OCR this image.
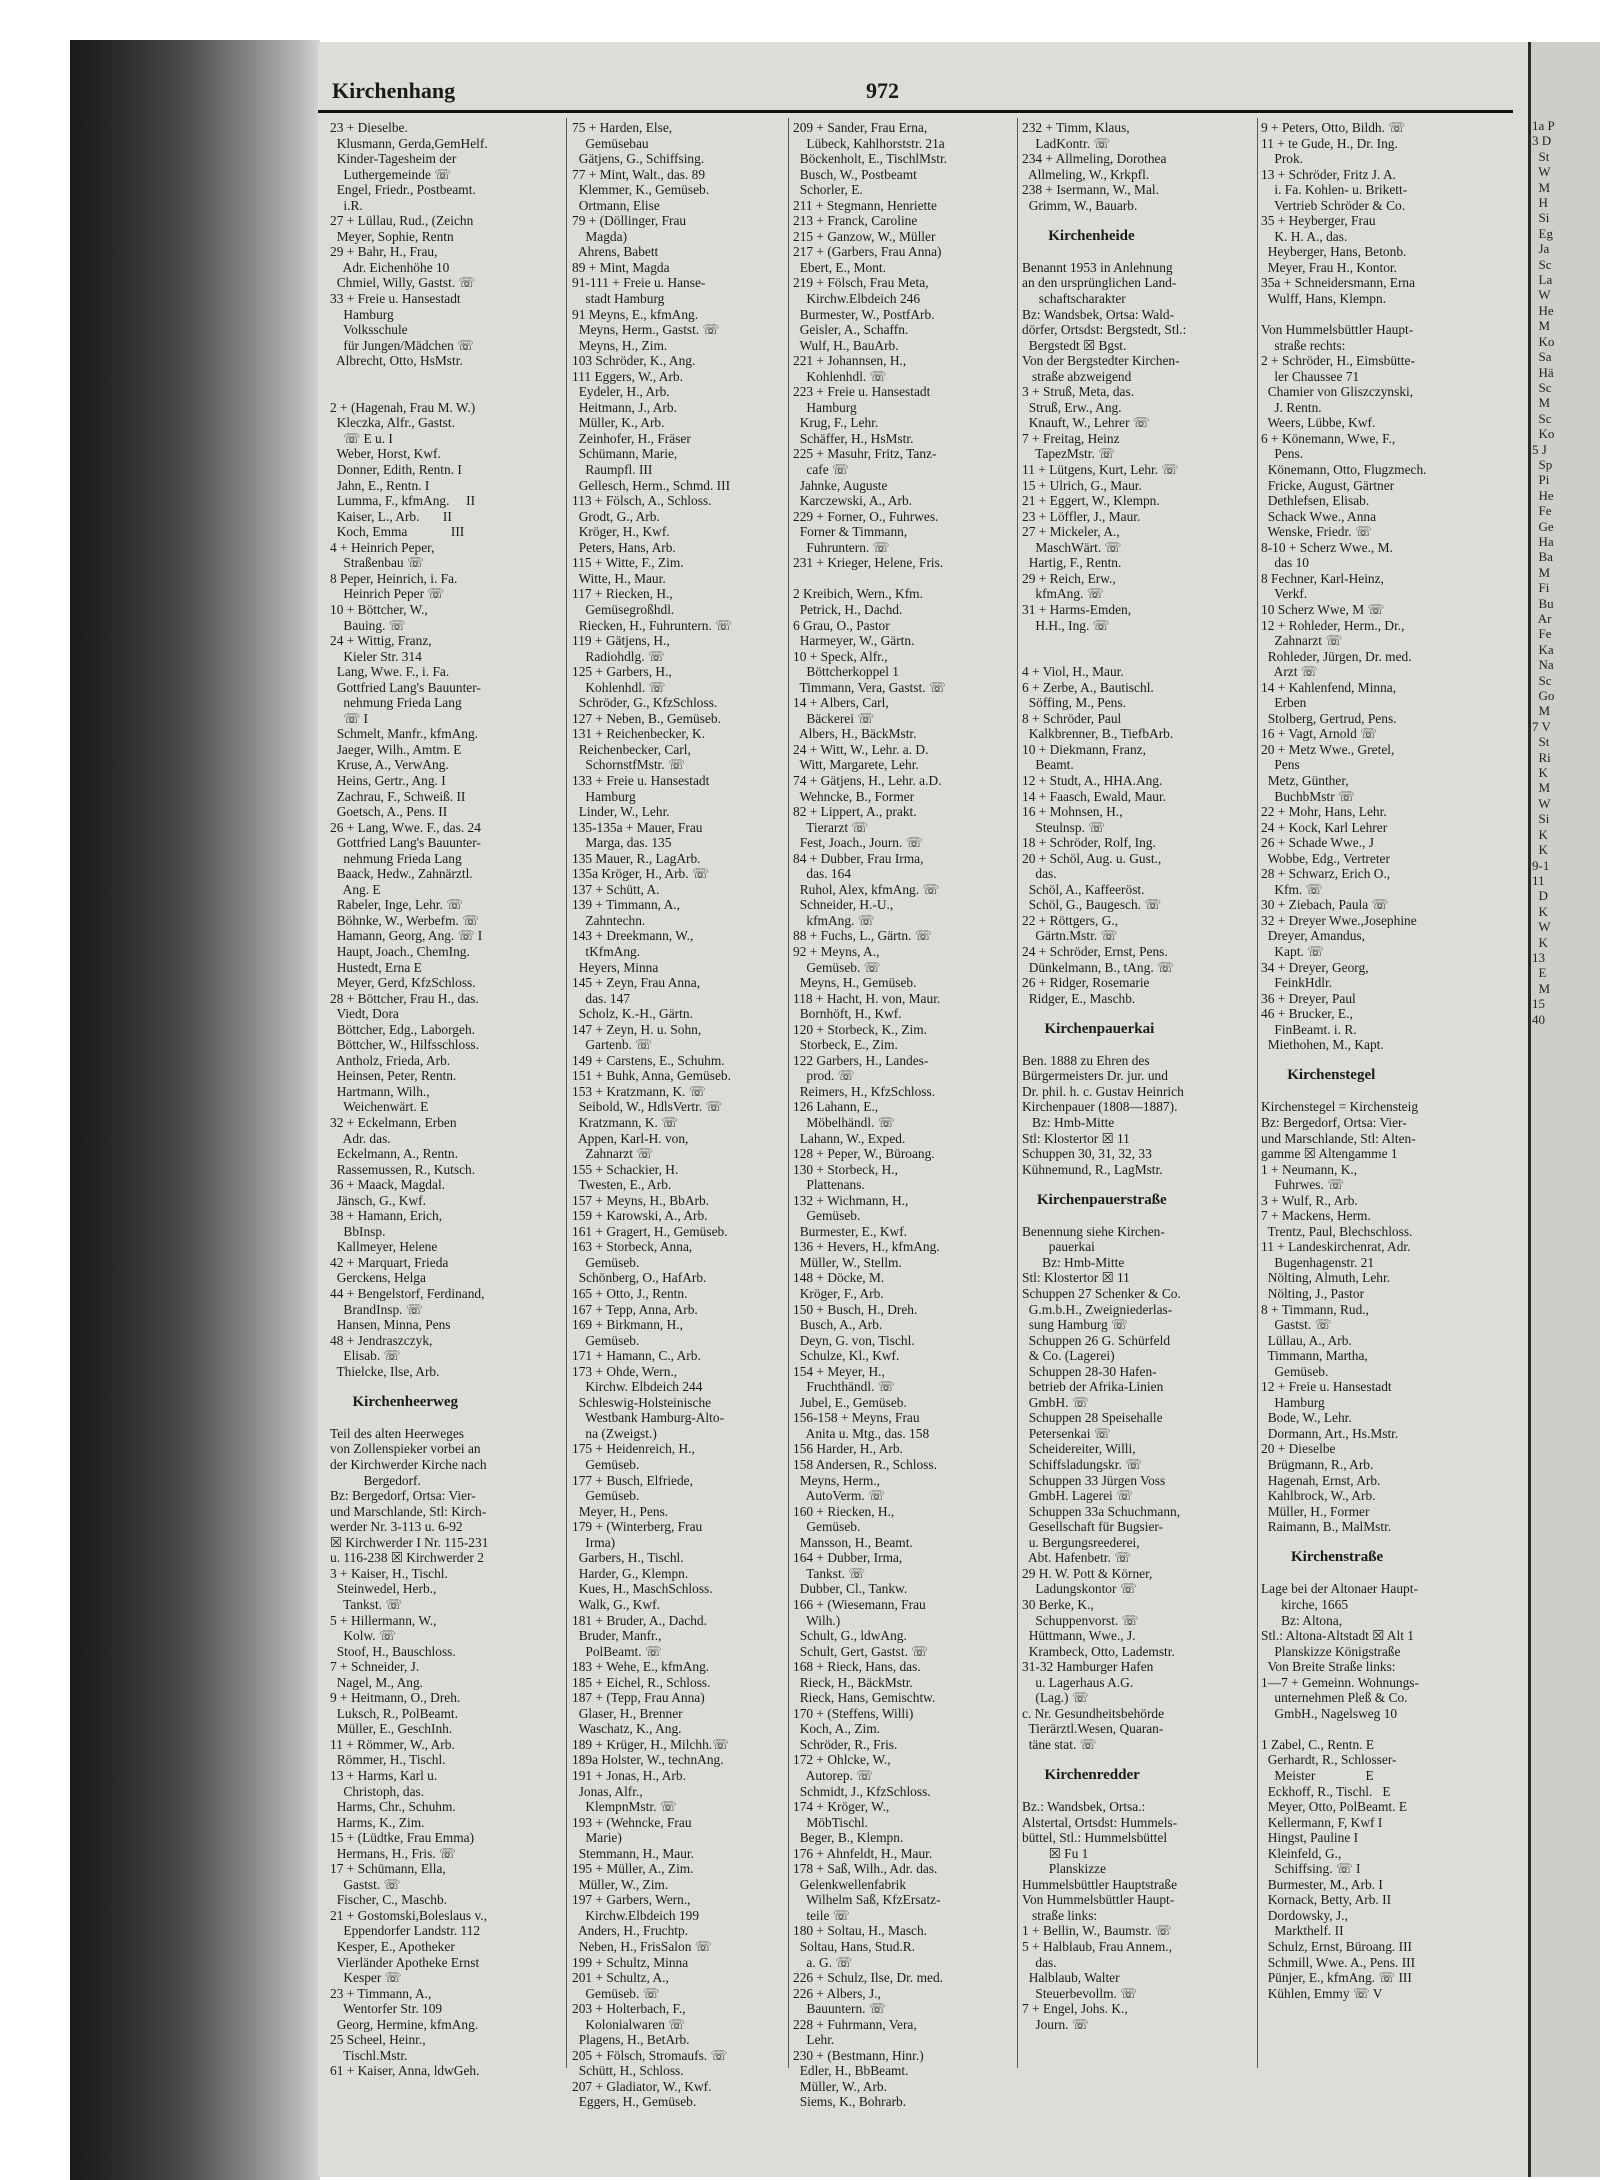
Kirchenhang	972
23 + Dieselbe.
Klusmann, Gerda,GemHelf.
Kinder-Tagesheim der
Luthergemeinde ☏
Engel, Friedr., Postbeamt.
i.R.
27 + Lüllau, Rud., (Zeichn
Meyer, Sophie, Rentn
29 + Bahr, H., Frau,
Adr. Eichenhöhe 10
Chmiel, Willy, Gastst. ☏
33 + Freie u. Hansestadt
Hamburg
Volksschule
für Jungen/Mädchen ☏
Albrecht, Otto, HsMstr.
2 + (Hagenah, Frau M. W.)
Kleczka, Alfr., Gastst.
☏ E u. I
Weber, Horst, Kwf.
Donner, Edith, Rentn. I
Jahn, E., Rentn. I
Lumma, F., kfmAng.     II
Kaiser, L., Arb.       II
Koch, Emma             III
4 + Heinrich Peper,
Straßenbau ☏
8 Peper, Heinrich, i. Fa.
Heinrich Peper ☏
10 + Böttcher, W.,
Bauing. ☏
24 + Wittig, Franz,
Kieler Str. 314
Lang, Wwe. F., i. Fa.
Gottfried Lang's Bauunter-
nehmung Frieda Lang
☏ I
Schmelt, Manfr., kfmAng.
Jaeger, Wilh., Amtm. E
Kruse, A., VerwAng.
Heins, Gertr., Ang. I
Zachrau, F., Schweiß. II
Goetsch, A., Pens. II
26 + Lang, Wwe. F., das. 24
Gottfried Lang's Bauunter-
nehmung Frieda Lang
Baack, Hedw., Zahnärztl.
Ang. E
Rabeler, Inge, Lehr. ☏
Böhnke, W., Werbefm. ☏
Hamann, Georg, Ang. ☏ I
Haupt, Joach., ChemIng.
Hustedt, Erna E
Meyer, Gerd, KfzSchloss.
28 + Böttcher, Frau H., das.
Viedt, Dora
Böttcher, Edg., Laborgeh.
Böttcher, W., Hilfsschloss.
Antholz, Frieda, Arb.
Heinsen, Peter, Rentn.
Hartmann, Wilh.,
Weichenwärt. E
32 + Eckelmann, Erben
Adr. das.
Eckelmann, A., Rentn.
Rassemussen, R., Kutsch.
36 + Maack, Magdal.
Jänsch, G., Kwf.
38 + Hamann, Erich,
BbInsp.
Kallmeyer, Helene
42 + Marquart, Frieda
Gerckens, Helga
44 + Bengelstorf, Ferdinand,
BrandInsp. ☏
Hansen, Minna, Pens
48 + Jendraszczyk,
Elisab. ☏
Thielcke, Ilse, Arb.
Kirchenheerweg
Teil des alten Heerweges
von Zollenspieker vorbei an
der Kirchwerder Kirche nach
Bergedorf.
Bz: Bergedorf, Ortsa: Vier-
und Marschlande, Stl: Kirch-
werder Nr. 3-113 u. 6-92
☒ Kirchwerder I Nr. 115-231
u. 116-238 ☒ Kirchwerder 2
3 + Kaiser, H., Tischl.
Steinwedel, Herb.,
Tankst. ☏
5 + Hillermann, W.,
Kolw. ☏
Stoof, H., Bauschloss.
7 + Schneider, J.
Nagel, M., Ang.
9 + Heitmann, O., Dreh.
Luksch, R., PolBeamt.
Müller, E., GeschInh.
11 + Römmer, W., Arb.
Römmer, H., Tischl.
13 + Harms, Karl u.
Christoph, das.
Harms, Chr., Schuhm.
Harms, K., Zim.
15 + (Lüdtke, Frau Emma)
Hermans, H., Fris. ☏
17 + Schümann, Ella,
Gastst. ☏
Fischer, C., Maschb.
21 + Gostomski,Boleslaus v.,
Eppendorfer Landstr. 112
Kesper, E., Apotheker
Vierländer Apotheke Ernst
Kesper ☏
23 + Timmann, A.,
Wentorfer Str. 109
Georg, Hermine, kfmAng.
25 Scheel, Heinr.,
Tischl.Mstr.
61 + Kaiser, Anna, ldwGeh.
75 + Harden, Else,
Gemüsebau
Gätjens, G., Schiffsing.
77 + Mint, Walt., das. 89
Klemmer, K., Gemüseb.
Ortmann, Elise
79 + (Döllinger, Frau
Magda)
Ahrens, Babett
89 + Mint, Magda
91-111 + Freie u. Hanse-
stadt Hamburg
91 Meyns, E., kfmAng.
Meyns, Herm., Gastst. ☏
Meyns, H., Zim.
103 Schröder, K., Ang.
111 Eggers, W., Arb.
Eydeler, H., Arb.
Heitmann, J., Arb.
Müller, K., Arb.
Zeinhofer, H., Fräser
Schümann, Marie,
Raumpfl. III
Gellesch, Herm., Schmd. III
113 + Fölsch, A., Schloss.
Grodt, G., Arb.
Kröger, H., Kwf.
Peters, Hans, Arb.
115 + Witte, F., Zim.
Witte, H., Maur.
117 + Riecken, H.,
Gemüsegroßhdl.
Riecken, H., Fuhruntern. ☏
119 + Gätjens, H.,
Radiohdlg. ☏
125 + Garbers, H.,
Kohlenhdl. ☏
Schröder, G., KfzSchloss.
127 + Neben, B., Gemüseb.
131 + Reichenbecker, K.
Reichenbecker, Carl,
SchornstfMstr. ☏
133 + Freie u. Hansestadt
Hamburg
Linder, W., Lehr.
135-135a + Mauer, Frau
Marga, das. 135
135 Mauer, R., LagArb.
135a Kröger, H., Arb. ☏
137 + Schütt, A.
139 + Timmann, A.,
Zahntechn.
143 + Dreekmann, W.,
tKfmAng.
Heyers, Minna
145 + Zeyn, Frau Anna,
das. 147
Scholz, K.-H., Gärtn.
147 + Zeyn, H. u. Sohn,
Gartenb. ☏
149 + Carstens, E., Schuhm.
151 + Buhk, Anna, Gemüseb.
153 + Kratzmann, K. ☏
Seibold, W., HdlsVertr. ☏
Kratzmann, K. ☏
Appen, Karl-H. von,
Zahnarzt ☏
155 + Schackier, H.
Twesten, E., Arb.
157 + Meyns, H., BbArb.
159 + Karowski, A., Arb.
161 + Gragert, H., Gemüseb.
163 + Storbeck, Anna,
Gemüseb.
Schönberg, O., HafArb.
165 + Otto, J., Rentn.
167 + Tepp, Anna, Arb.
169 + Birkmann, H.,
Gemüseb.
171 + Hamann, C., Arb.
173 + Ohde, Wern.,
Kirchw. Elbdeich 244
Schleswig-Holsteinische
Westbank Hamburg-Alto-
na (Zweigst.)
175 + Heidenreich, H.,
Gemüseb.
177 + Busch, Elfriede,
Gemüseb.
Meyer, H., Pens.
179 + (Winterberg, Frau
Irma)
Garbers, H., Tischl.
Harder, G., Klempn.
Kues, H., MaschSchloss.
Walk, G., Kwf.
181 + Bruder, A., Dachd.
Bruder, Manfr.,
PolBeamt. ☏
183 + Wehe, E., kfmAng.
185 + Eichel, R., Schloss.
187 + (Tepp, Frau Anna)
Glaser, H., Brenner
Waschatz, K., Ang.
189 + Krüger, H., Milchh.☏
189a Holster, W., technAng.
191 + Jonas, H., Arb.
Jonas, Alfr.,
KlempnMstr. ☏
193 + (Wehncke, Frau
Marie)
Stemmann, H., Maur.
195 + Müller, A., Zim.
Müller, W., Zim.
197 + Garbers, Wern.,
Kirchw.Elbdeich 199
Anders, H., Fruchtp.
Neben, H., FrisSalon ☏
199 + Schultz, Minna
201 + Schultz, A.,
Gemüseb. ☏
203 + Holterbach, F.,
Kolonialwaren ☏
Plagens, H., BetArb.
205 + Fölsch, Stromaufs. ☏
Schütt, H., Schloss.
207 + Gladiator, W., Kwf.
Eggers, H., Gemüseb.
209 + Sander, Frau Erna,
Lübeck, Kahlhorststr. 21a
Böckenholt, E., TischlMstr.
Busch, W., Postbeamt
Schorler, E.
211 + Stegmann, Henriette
213 + Franck, Caroline
215 + Ganzow, W., Müller
217 + (Garbers, Frau Anna)
Ebert, E., Mont.
219 + Fölsch, Frau Meta,
Kirchw.Elbdeich 246
Burmester, W., PostfArb.
Geisler, A., Schaffn.
Wulf, H., BauArb.
221 + Johannsen, H.,
Kohlenhdl. ☏
223 + Freie u. Hansestadt
Hamburg
Krug, F., Lehr.
Schäffer, H., HsMstr.
225 + Masuhr, Fritz, Tanz-
cafe ☏
Jahnke, Auguste
Karczewski, A., Arb.
229 + Forner, O., Fuhrwes.
Forner & Timmann,
Fuhruntern. ☏
231 + Krieger, Helene, Fris.
2 Kreibich, Wern., Kfm.
Petrick, H., Dachd.
6 Grau, O., Pastor
Harmeyer, W., Gärtn.
10 + Speck, Alfr.,
Böttcherkoppel 1
Timmann, Vera, Gastst. ☏
14 + Albers, Carl,
Bäckerei ☏
Albers, H., BäckMstr.
24 + Witt, W., Lehr. a. D.
Witt, Margarete, Lehr.
74 + Gätjens, H., Lehr. a.D.
Wehncke, B., Former
82 + Lippert, A., prakt.
Tierarzt ☏
Fest, Joach., Journ. ☏
84 + Dubber, Frau Irma,
das. 164
Ruhol, Alex, kfmAng. ☏
Schneider, H.-U.,
kfmAng. ☏
88 + Fuchs, L., Gärtn. ☏
92 + Meyns, A.,
Gemüseb. ☏
Meyns, H., Gemüseb.
118 + Hacht, H. von, Maur.
Bornhöft, H., Kwf.
120 + Storbeck, K., Zim.
Storbeck, E., Zim.
122 Garbers, H., Landes-
prod. ☏
Reimers, H., KfzSchloss.
126 Lahann, E.,
Möbelhändl. ☏
Lahann, W., Exped.
128 + Peper, W., Büroang.
130 + Storbeck, H.,
Plattenans.
132 + Wichmann, H.,
Gemüseb.
Burmester, E., Kwf.
136 + Hevers, H., kfmAng.
Müller, W., Stellm.
148 + Döcke, M.
Kröger, F., Arb.
150 + Busch, H., Dreh.
Busch, A., Arb.
Deyn, G. von, Tischl.
Schulze, Kl., Kwf.
154 + Meyer, H.,
Fruchthändl. ☏
Jubel, E., Gemüseb.
156-158 + Meyns, Frau
Anita u. Mtg., das. 158
156 Harder, H., Arb.
158 Andersen, R., Schloss.
Meyns, Herm.,
AutoVerm. ☏
160 + Riecken, H.,
Gemüseb.
Mansson, H., Beamt.
164 + Dubber, Irma,
Tankst. ☏
Dubber, Cl., Tankw.
166 + (Wiesemann, Frau
Wilh.)
Schult, G., ldwAng.
Schult, Gert, Gastst. ☏
168 + Rieck, Hans, das.
Rieck, H., BäckMstr.
Rieck, Hans, Gemischtw.
170 + (Steffens, Willi)
Koch, A., Zim.
Schröder, R., Fris.
172 + Ohlcke, W.,
Autorep. ☏
Schmidt, J., KfzSchloss.
174 + Kröger, W.,
MöbTischl.
Beger, B., Klempn.
176 + Ahnfeldt, H., Maur.
178 + Saß, Wilh., Adr. das.
Gelenkwellenfabrik
Wilhelm Saß, KfzErsatz-
teile ☏
180 + Soltau, H., Masch.
Soltau, Hans, Stud.R.
a. G. ☏
226 + Schulz, Ilse, Dr. med.
226 + Albers, J.,
Bauuntern. ☏
228 + Fuhrmann, Vera,
Lehr.
230 + (Bestmann, Hinr.)
Edler, H., BbBeamt.
Müller, W., Arb.
Siems, K., Bohrarb.
232 + Timm, Klaus,
LadKontr. ☏
234 + Allmeling, Dorothea
Allmeling, W., Krkpfl.
238 + Isermann, W., Mal.
Grimm, W., Bauarb.
Kirchenheide
Benannt 1953 in Anlehnung
an den ursprünglichen Land-
schaftscharakter
Bz: Wandsbek, Ortsa: Wald-
dörfer, Ortsdst: Bergstedt, Stl.:
Bergstedt ☒ Bgst.
Von der Bergstedter Kirchen-
straße abzweigend
3 + Struß, Meta, das.
Struß, Erw., Ang.
Knauft, W., Lehrer ☏
7 + Freitag, Heinz
TapezMstr. ☏
11 + Lütgens, Kurt, Lehr. ☏
15 + Ulrich, G., Maur.
21 + Eggert, W., Klempn.
23 + Löffler, J., Maur.
27 + Mickeler, A.,
MaschWärt. ☏
Hartig, F., Rentn.
29 + Reich, Erw.,
kfmAng. ☏
31 + Harms-Emden,
H.H., Ing. ☏
4 + Viol, H., Maur.
6 + Zerbe, A., Bautischl.
Söffing, M., Pens.
8 + Schröder, Paul
Kalkbrenner, B., TiefbArb.
10 + Diekmann, Franz,
Beamt.
12 + Studt, A., HHA.Ang.
14 + Faasch, Ewald, Maur.
16 + Mohnsen, H.,
Steulnsp. ☏
18 + Schröder, Rolf, Ing.
20 + Schöl, Aug. u. Gust.,
das.
Schöl, A., Kaffeeröst.
Schöl, G., Baugesch. ☏
22 + Röttgers, G.,
Gärtn.Mstr. ☏
24 + Schröder, Ernst, Pens.
Dünkelmann, B., tAng. ☏
26 + Ridger, Rosemarie
Ridger, E., Maschb.
Kirchenpauerkai
Ben. 1888 zu Ehren des
Bürgermeisters Dr. jur. und
Dr. phil. h. c. Gustav Heinrich
Kirchenpauer (1808—1887).
Bz: Hmb-Mitte
Stl: Klostertor ☒ 11
Schuppen 30, 31, 32, 33
Kühnemund, R., LagMstr.
Kirchenpauerstraße
Benennung siehe Kirchen-
pauerkai
Bz: Hmb-Mitte
Stl: Klostertor ☒ 11
Schuppen 27 Schenker & Co.
G.m.b.H., Zweigniederlas-
sung Hamburg ☏
Schuppen 26 G. Schürfeld
& Co. (Lagerei)
Schuppen 28-30 Hafen-
betrieb der Afrika-Linien
GmbH. ☏
Schuppen 28 Speisehalle
Petersenkai ☏
Scheidereiter, Willi,
Schiffsladungskr. ☏
Schuppen 33 Jürgen Voss
GmbH. Lagerei ☏
Schuppen 33a Schuchmann,
Gesellschaft für Bugsier-
u. Bergungsreederei,
Abt. Hafenbetr. ☏
29 H. W. Pott & Körner,
Ladungskontor ☏
30 Berke, K.,
Schuppenvorst. ☏
Hüttmann, Wwe., J.
Krambeck, Otto, Lademstr.
31-32 Hamburger Hafen
u. Lagerhaus A.G.
(Lag.) ☏
c. Nr. Gesundheitsbehörde
Tierärztl.Wesen, Quaran-
täne stat. ☏
Kirchenredder
Bz.: Wandsbek, Ortsa.:
Alstertal, Ortsdst: Hummels-
büttel, Stl.: Hummelsbüttel
☒ Fu 1
Planskizze
Hummelsbüttler Hauptstraße
Von Hummelsbüttler Haupt-
straße links:
1 + Bellin, W., Baumstr. ☏
5 + Halblaub, Frau Annem.,
das.
Halblaub, Walter
Steuerbevollm. ☏
7 + Engel, Johs. K.,
Journ. ☏
9 + Peters, Otto, Bildh. ☏
11 + te Gude, H., Dr. Ing.
Prok.
13 + Schröder, Fritz J. A.
i. Fa. Kohlen- u. Brikett-
Vertrieb Schröder & Co.
35 + Heyberger, Frau
K. H. A., das.
Heyberger, Hans, Betonb.
Meyer, Frau H., Kontor.
35a + Schneidersmann, Erna
Wulff, Hans, Klempn.
Von Hummelsbüttler Haupt-
straße rechts:
2 + Schröder, H., Eimsbütte-
ler Chaussee 71
Chamier von Gliszczynski,
J. Rentn.
Weers, Lübbe, Kwf.
6 + Könemann, Wwe, F.,
Pens.
Könemann, Otto, Flugzmech.
Fricke, August, Gärtner
Dethlefsen, Elisab.
Schack Wwe., Anna
Wenske, Friedr. ☏
8-10 + Scherz Wwe., M.
das 10
8 Fechner, Karl-Heinz,
Verkf.
10 Scherz Wwe, M ☏
12 + Rohleder, Herm., Dr.,
Zahnarzt ☏
Rohleder, Jürgen, Dr. med.
Arzt ☏
14 + Kahlenfend, Minna,
Erben
Stolberg, Gertrud, Pens.
16 + Vagt, Arnold ☏
20 + Metz Wwe., Gretel,
Pens
Metz, Günther,
BuchbMstr ☏
22 + Mohr, Hans, Lehr.
24 + Kock, Karl Lehrer
26 + Schade Wwe., J
Wobbe, Edg., Vertreter
28 + Schwarz, Erich O.,
Kfm. ☏
30 + Ziebach, Paula ☏
32 + Dreyer Wwe.,Josephine
Dreyer, Amandus,
Kapt. ☏
34 + Dreyer, Georg,
FeinkHdlr.
36 + Dreyer, Paul
46 + Brucker, E.,
FinBeamt. i. R.
Miethohen, M., Kapt.
Kirchenstegel
Kirchenstegel = Kirchensteig
Bz: Bergedorf, Ortsa: Vier-
und Marschlande, Stl: Alten-
gamme ☒ Altengamme 1
1 + Neumann, K.,
Fuhrwes. ☏
3 + Wulf, R., Arb.
7 + Mackens, Herm.
Trentz, Paul, Blechschloss.
11 + Landeskirchenrat, Adr.
Bugenhagenstr. 21
Nölting, Almuth, Lehr.
Nölting, J., Pastor
8 + Timmann, Rud.,
Gastst. ☏
Lüllau, A., Arb.
Timmann, Martha,
Gemüseb.
12 + Freie u. Hansestadt
Hamburg
Bode, W., Lehr.
Dormann, Art., Hs.Mstr.
20 + Dieselbe
Brügmann, R., Arb.
Hagenah, Ernst, Arb.
Kahlbrock, W., Arb.
Müller, H., Former
Raimann, B., MalMstr.
Kirchenstraße
Lage bei der Altonaer Haupt-
kirche, 1665
Bz: Altona,
Stl.: Altona-Altstadt ☒ Alt 1
Planskizze Königstraße
Von Breite Straße links:
1—7 + Gemeinn. Wohnungs-
unternehmen Pleß & Co.
GmbH., Nagelsweg 10
1 Zabel, C., Rentn. E
Gerhardt, R., Schlosser-
Meister               E
Eckhoff, R., Tischl.   E
Meyer, Otto, PolBeamt. E
Kellermann, F, Kwf I
Hingst, Pauline I
Kleinfeld, G.,
Schiffsing. ☏ I
Burmester, M., Arb. I
Kornack, Betty, Arb. II
Dordowsky, J.,
Markthelf. II
Schulz, Ernst, Büroang. III
Schmill, Wwe. A., Pens. III
Pünjer, E., kfmAng. ☏ III
Kühlen, Emmy ☏ V
1a P
3 D
St
W
M
H
Si
Eg
Ja
Sc
La
W
He
M
Ko
Sa
Hä
Sc
M
Sc
Ko
5 J
Sp
Pi
He
Fe
Ge
Ha
Ba
M
Fi
Bu
Ar
Fe
Ka
Na
Sc
Go
M
7 V
St
Ri
K
M
W
Si
K
K
9-1
11
D
K
W
K
13
E
M
15
40
